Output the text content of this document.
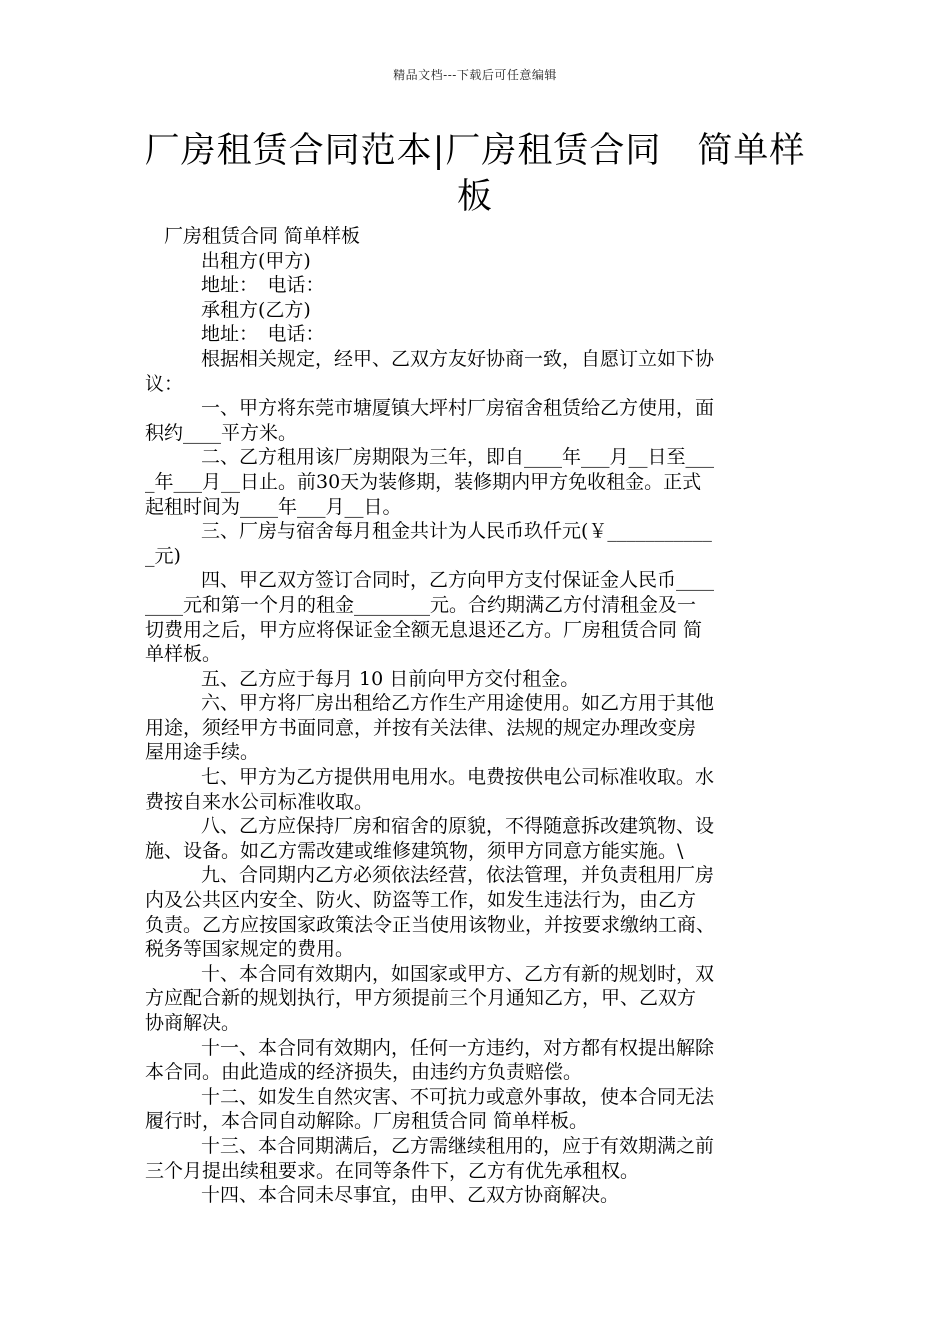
精品文档---下载后可任意编辑
厂房租赁合同范本|厂房租赁合同　简单样
板

厂房租赁合同 简单样板

出租方(甲方)

地址：　电话：

承租方(乙方)

地址：　电话：

根据相关规定，经甲、乙双方友好协商一致，自愿订立如下协
议：

一、甲方将东莞市塘厦镇大坪村厂房宿舍租赁给乙方使用，面
积约____平方米。

二、乙方租用该厂房期限为三年，即自____年___月__日至___
_年___月__日止。前30天为装修期，装修期内甲方免收租金。正式
起租时间为____年___月__日。

三、厂房与宿舍每月租金共计为人民币玖仟元(￥___________
_元)

四、甲乙双方签订合同时，乙方向甲方支付保证金人民币____
____元和第一个月的租金________元。合约期满乙方付清租金及一
切费用之后，甲方应将保证金全额无息退还乙方。厂房租赁合同 简
单样板。

五、乙方应于每月 10 日前向甲方交付租金。

六、甲方将厂房出租给乙方作生产用途使用。如乙方用于其他
用途，须经甲方书面同意，并按有关法律、法规的规定办理改变房
屋用途手续。

七、甲方为乙方提供用电用水。电费按供电公司标准收取。水
费按自来水公司标准收取。

八、乙方应保持厂房和宿舍的原貌，不得随意拆改建筑物、设
施、设备。如乙方需改建或维修建筑物，须甲方同意方能实施。\

九、合同期内乙方必须依法经营，依法管理，并负责租用厂房
内及公共区内安全、防火、防盗等工作，如发生违法行为，由乙方
负责。乙方应按国家政策法令正当使用该物业，并按要求缴纳工商、
税务等国家规定的费用。

十、本合同有效期内，如国家或甲方、乙方有新的规划时，双
方应配合新的规划执行，甲方须提前三个月通知乙方，甲、乙双方
协商解决。

十一、本合同有效期内，任何一方违约，对方都有权提出解除
本合同。由此造成的经济损失，由违约方负责赔偿。

十二、如发生自然灾害、不可抗力或意外事故，使本合同无法
履行时，本合同自动解除。厂房租赁合同 简单样板。

十三、本合同期满后，乙方需继续租用的，应于有效期满之前
三个月提出续租要求。在同等条件下，乙方有优先承租权。

十四、本合同未尽事宜，由甲、乙双方协商解决。
